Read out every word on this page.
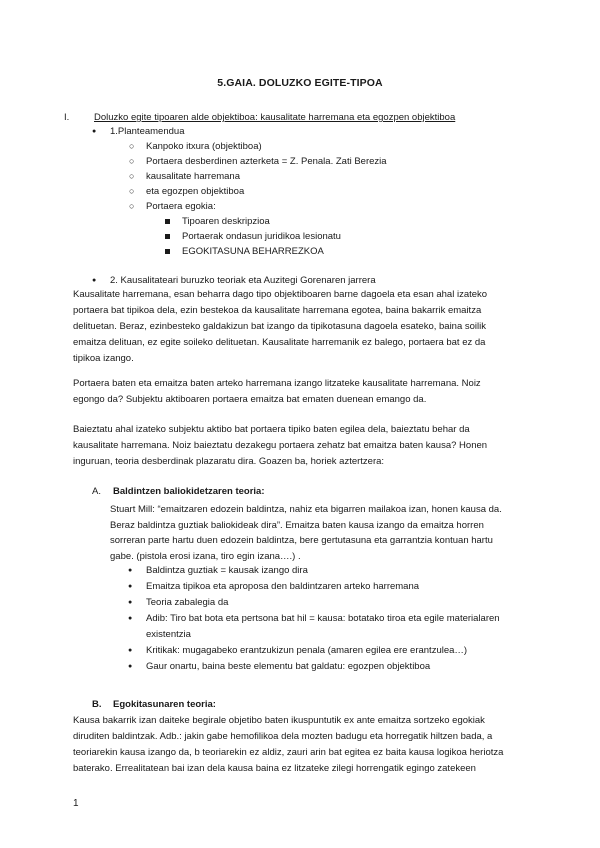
5.GAIA. DOLUZKO EGITE-TIPOA
I.	Doluzko egite tipoaren alde objektiboa: kausalitate harremana eta egozpen objektiboa
● 1.Planteamendua
○ Kanpoko itxura (objektiboa)
○ Portaera desberdinen azterketa = Z. Penala. Zati Berezia
○ kausalitate harremana
○ eta egozpen objektiboa
○ Portaera egokia:
Tipoaren deskripzioa
Portaerak ondasun juridikoa lesionatu
EGOKITASUNA BEHARREZKOA
● 2. Kausalitateari buruzko teoriak eta Auzitegi Gorenaren jarrera

Kausalitate harremana, esan beharra dago tipo objektiboaren barne dagoela eta esan ahal izateko

portaera bat tipikoa dela, ezin bestekoa da kausalitate harremana egotea, baina bakarrik emaitza

delituetan. Beraz, ezinbesteko galdakizun bat izango da tipikotasuna dagoela esateko, baina soilik

emaitza delituan, ez egite soileko delituetan. Kausalitate harremanik ez balego, portaera bat ez da

tipikoa izango.

Portaera baten eta emaitza baten arteko harremana izango litzateke kausalitate harremana. Noiz

egongo da? Subjektu aktiboaren portaera emaitza bat ematen duenean emango da.

Baieztatu ahal izateko subjektu aktibo bat portaera tipiko baten egilea dela, baieztatu behar da

kausalitate harremana. Noiz baieztatu dezakegu portaera zehatz bat emaitza baten kausa? Honen

inguruan, teoria desberdinak plazaratu dira. Goazen ba, horiek aztertzera:

A. Baldintzen baliokidetzaren teoria:

Stuart Mill: “emaitzaren edozein baldintza, nahiz eta bigarren mailakoa izan, honen kausa da.

Beraz baldintza guztiak baliokideak dira”. Emaitza baten kausa izango da emaitza horren

sorreran parte hartu duen edozein baldintza, bere gertutasuna eta garrantzia kontuan hartu

gabe. (pistola erosi izana, tiro egin izana….) .

● Baldintza guztiak = kausak izango dira
● Emaitza tipikoa eta aproposa den baldintzaren arteko harremana
● Teoria zabalegia da
● Adib: Tiro bat bota eta pertsona bat hil = kausa: botatako tiroa eta egile materialaren
existentzia
● Kritikak: mugagabeko erantzukizun penala (amaren egilea ere erantzulea…)
● Gaur onartu, baina beste elementu bat galdatu: egozpen objektiboa
B. Egokitasunaren teoria:

Kausa bakarrik izan daiteke begirale objetibo baten ikuspuntutik ex ante emaitza sortzeko egokiak

diruditen baldintzak. Adb.: jakin gabe hemofilikoa dela mozten badugu eta horregatik hiltzen bada, a

teoriarekin kausa izango da, b teoriarekin ez aldiz, zauri arin bat egitea ez baita kausa logikoa heriotza

baterako. Errealitatean bai izan dela kausa baina ez litzateke zilegi horrengatik egingo zatekeen

1
